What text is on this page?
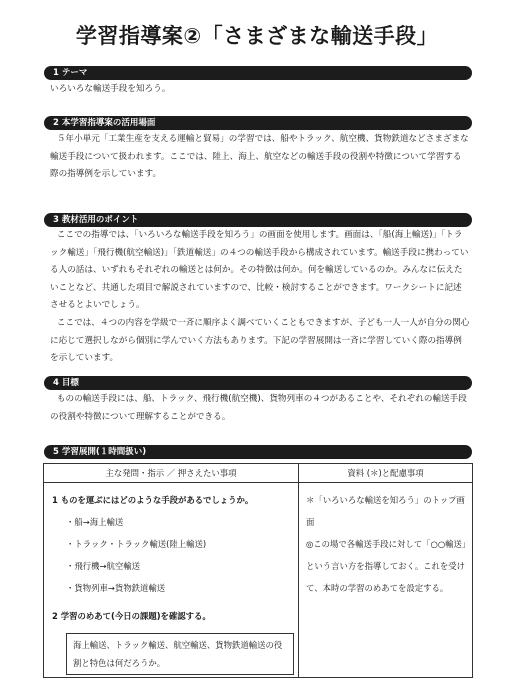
学習指導案②「さまざまな輸送手段」
1 テーマ

いろいろな輸送手段を知ろう。

2 本学習指導案の活用場面

５年小単元「工業生産を支える運輸と貿易」の学習では、船やトラック、航空機、貨物鉄道などさまざまな輸送手段について扱われます。ここでは、陸上、海上、航空などの輸送手段の役割や特徴について学習する際の指導例を示しています。

3 教材活用のポイント

ここでの指導では、「いろいろな輸送手段を知ろう」の画面を使用します。画面は、「船(海上輸送)」「トラック輸送」「飛行機(航空輸送)」「鉄道輸送」の４つの輸送手段から構成されています。輸送手段に携わっている人の話は、いずれもそれぞれの輸送とは何か。その特徴は何か。何を輸送しているのか。みんなに伝えたいことなど、共通した項目で解説されていますので、比較・検討することができます。ワークシートに記述させるとよいでしょう。

ここでは、４つの内容を学級で一斉に順序よく調べていくこともできますが、子ども一人一人が自分の関心に応じて選択しながら個別に学んでいく方法もあります。下記の学習展開は一斉に学習していく際の指導例を示しています。

4 目標

ものの輸送手段には、船、トラック、飛行機(航空機)、貨物列車の４つがあることや、それぞれの輸送手段の役割や特徴について理解することができる。

5 学習展開(１時間扱い)
主な発問・指示 ／ 押さえたい事項	資料 (＊)と配慮事項
1 ものを運ぶにはどのような手段があるでしょうか。
・船→海上輸送
・トラック・トラック輸送(陸上輸送)
・飛行機→航空輸送
・貨物列車→貨物鉄道輸送
2 学習のめあて(今日の課題)を確認する。
海上輸送、トラック輸送、航空輸送、貨物鉄道輸送の役割と特色は何だろうか。
＊「いろいろな輸送を知ろう」のトップ画面
◎この場で各輸送手段に対して「○○輸送」という言い方を指導しておく。これを受けて、本時の学習のめあてを設定する。
